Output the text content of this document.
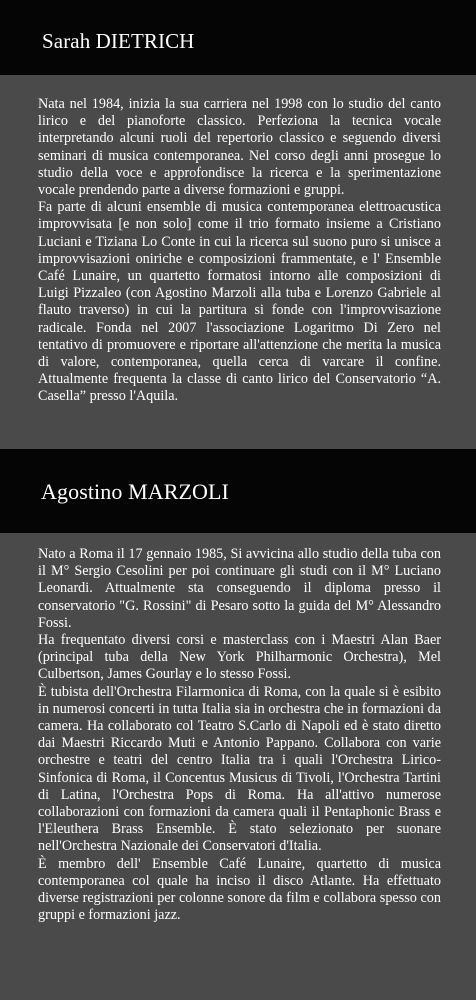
Sarah DIETRICH

Nata nel 1984, inizia la sua carriera nel 1998 con lo studio del canto lirico e del pianoforte classico. Perfeziona la tecnica vocale interpretando alcuni ruoli del repertorio classico e seguendo diversi seminari di musica contemporanea. Nel corso degli anni prosegue lo studio della voce e approfondisce la ricerca e la sperimentazione vocale prendendo parte a diverse formazioni e gruppi.
Fa parte di alcuni ensemble di musica contemporanea elettroacustica improvvisata [e non solo] come il trio formato insieme a Cristiano Luciani e Tiziana Lo Conte in cui la ricerca sul suono puro si unisce a improvvisazioni oniriche e composizioni frammentate, e l' Ensemble Café Lunaire, un quartetto formatosi intorno alle composizioni di Luigi Pizzaleo (con Agostino Marzoli alla tuba e Lorenzo Gabriele al flauto traverso) in cui la partitura si fonde con l'improvvisazione radicale. Fonda nel 2007 l'associazione Logaritmo Di Zero nel tentativo di promuovere e riportare all'attenzione che merita la musica di valore, contemporanea, quella cerca di varcare il confine. Attualmente frequenta la classe di canto lirico del Conservatorio “A. Casella” presso l'Aquila.

Agostino MARZOLI

Nato a Roma il 17 gennaio 1985, Si avvicina allo studio della tuba con il M° Sergio Cesolini per poi continuare gli studi con il M° Luciano Leonardi. Attualmente sta conseguendo il diploma presso il conservatorio "G. Rossini" di Pesaro sotto la guida del M° Alessandro Fossi.
Ha frequentato diversi corsi e masterclass con i Maestri Alan Baer (principal tuba della New York Philharmonic Orchestra), Mel Culbertson, James Gourlay e lo stesso Fossi.
È tubista dell'Orchestra Filarmonica di Roma, con la quale si è esibito in numerosi concerti in tutta Italia sia in orchestra che in formazioni da camera. Ha collaborato col Teatro S.Carlo di Napoli ed è stato diretto dai Maestri Riccardo Muti e Antonio Pappano. Collabora con varie orchestre e teatri del centro Italia tra i quali l'Orchestra Lirico-Sinfonica di Roma, il Concentus Musicus di Tivoli, l'Orchestra Tartini di Latina, l'Orchestra Pops di Roma. Ha all'attivo numerose collaborazioni con formazioni da camera quali il Pentaphonic Brass e l'Eleuthera Brass Ensemble. È stato selezionato per suonare nell'Orchestra Nazionale dei Conservatori d'Italia.
È membro dell' Ensemble Café Lunaire, quartetto di musica contemporanea col quale ha inciso il disco Atlante. Ha effettuato diverse registrazioni per colonne sonore da film e collabora spesso con gruppi e formazioni jazz.
